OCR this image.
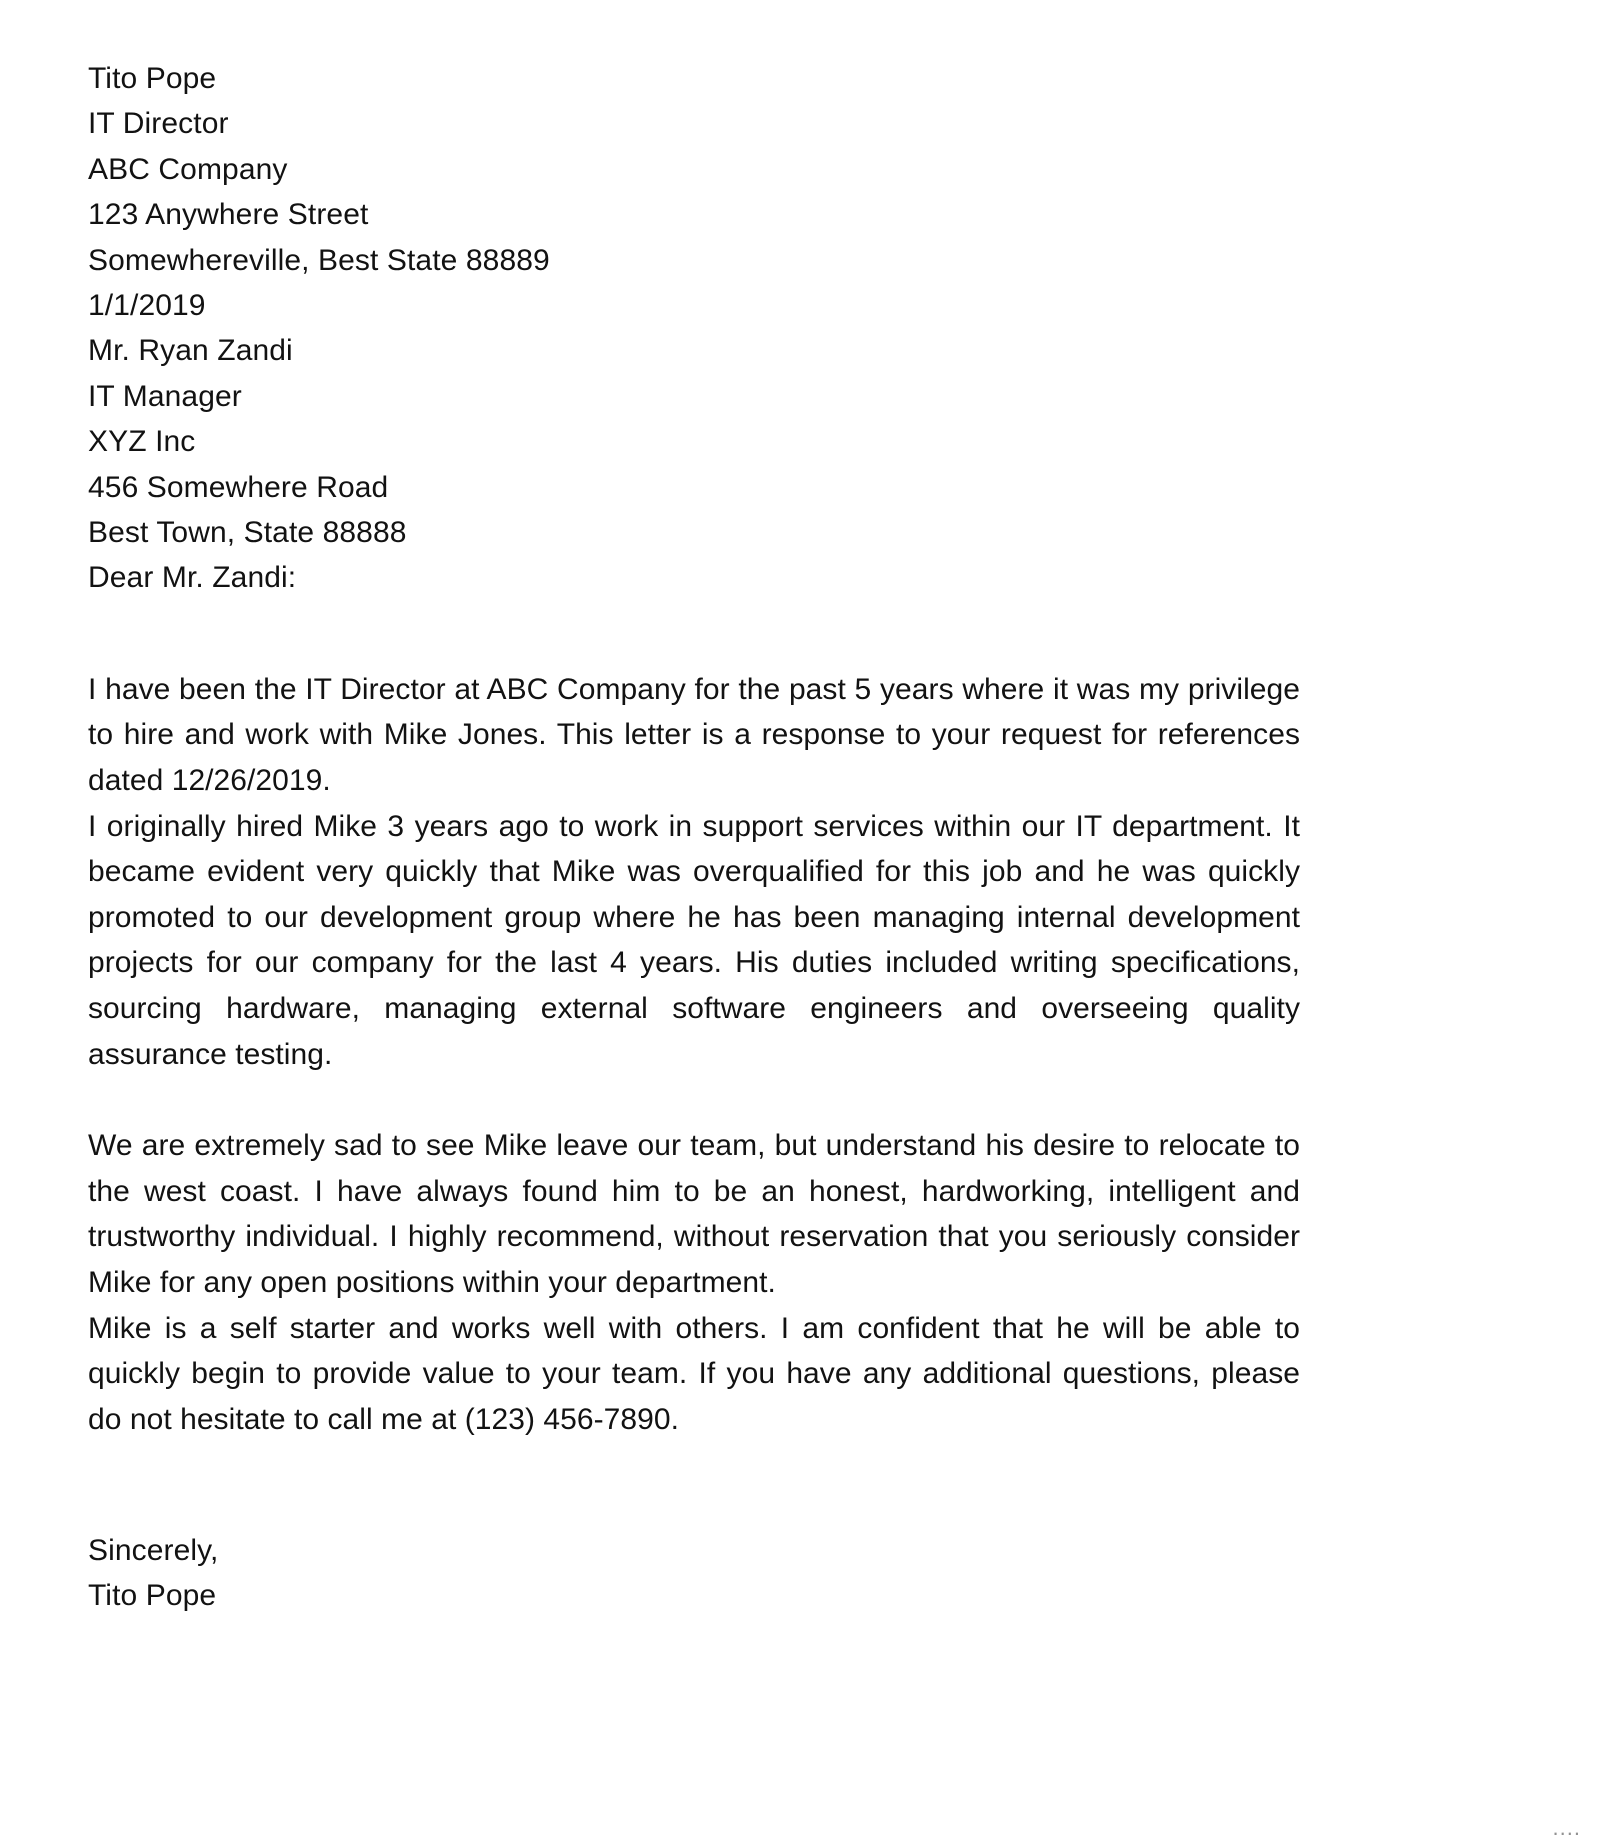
Tito Pope
IT Director
ABC Company
123 Anywhere Street
Somewhereville, Best State 88889
1/1/2019
Mr. Ryan Zandi
IT Manager
XYZ Inc
456 Somewhere Road
Best Town, State 88888
Dear Mr. Zandi:

I have been the IT Director at ABC Company for the past 5 years where it was my privilege to hire and work with Mike Jones. This letter is a response to your request for references dated 12/26/2019.

I originally hired Mike 3 years ago to work in support services within our IT department. It became evident very quickly that Mike was overqualified for this job and he was quickly promoted to our development group where he has been managing internal development projects for our company for the last 4 years. His duties included writing specifications, sourcing hardware, managing external software engineers and overseeing quality assurance testing.

We are extremely sad to see Mike leave our team, but understand his desire to relocate to the west coast. I have always found him to be an honest, hardworking, intelligent and trustworthy individual. I highly recommend, without reservation that you seriously consider Mike for any open positions within your department.

Mike is a self starter and works well with others. I am confident that he will be able to quickly begin to provide value to your team. If you have any additional questions, please do not hesitate to call me at (123) 456-7890.

Sincerely,
Tito Pope
....
